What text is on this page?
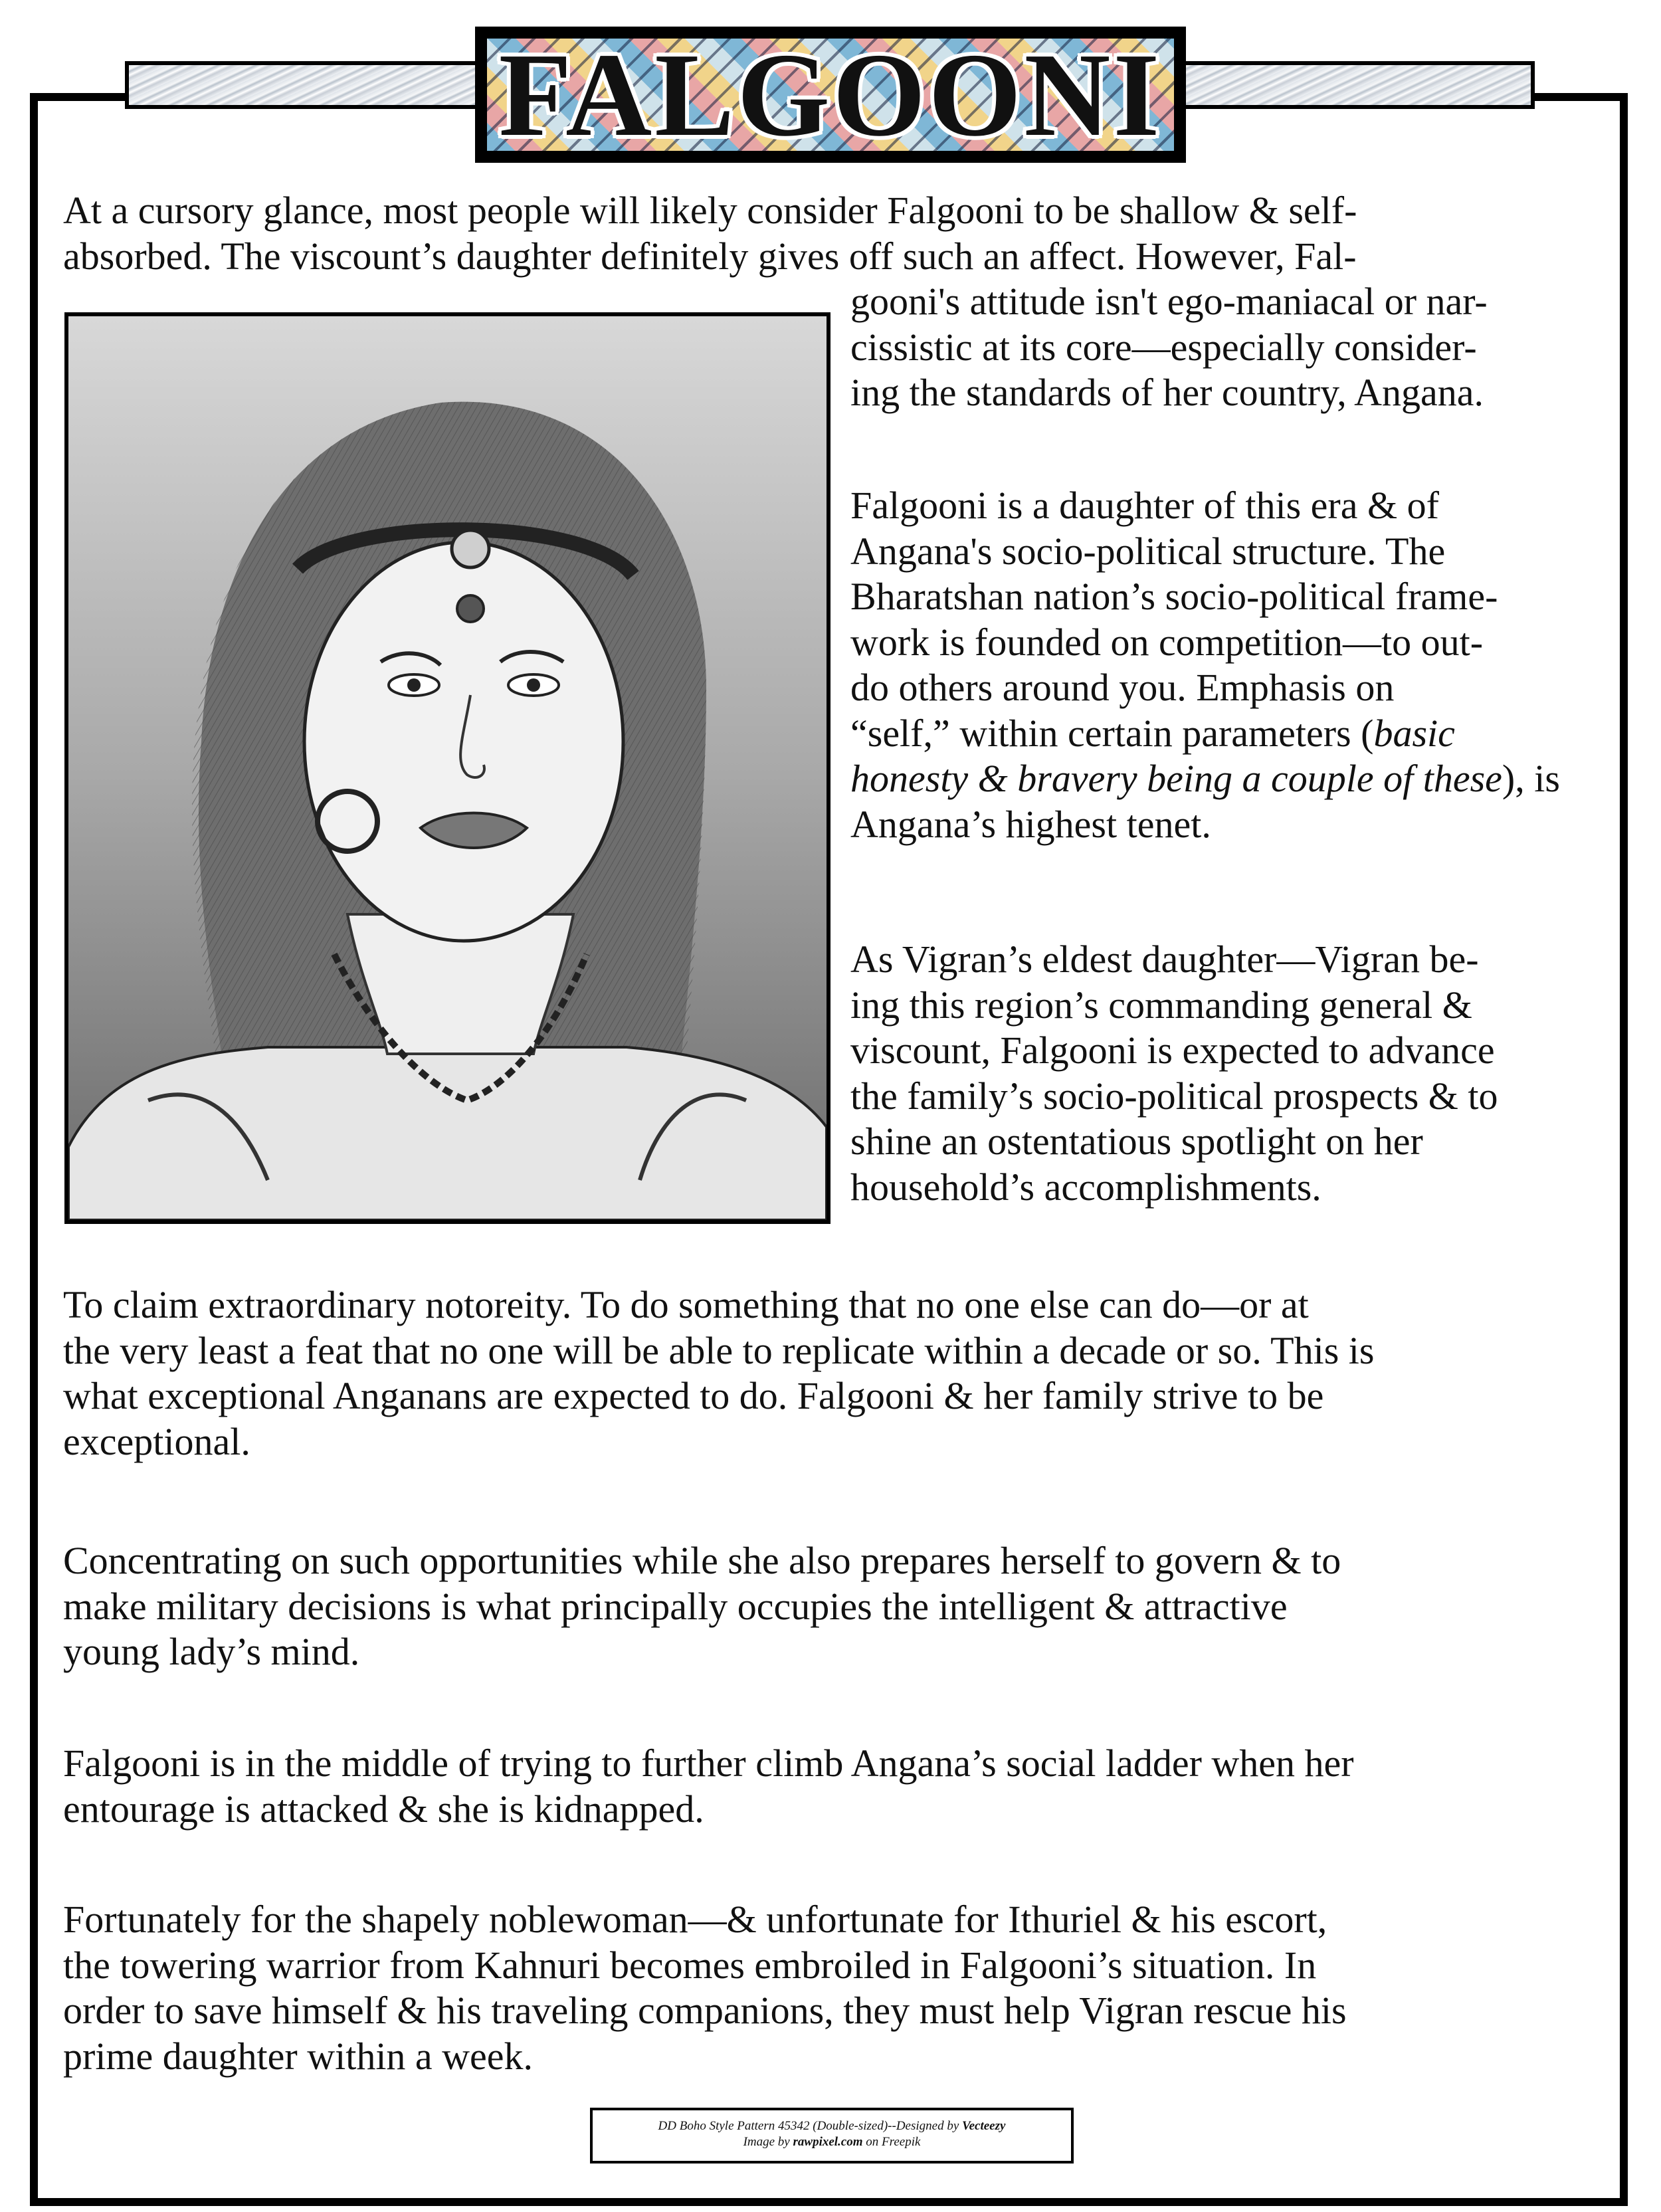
FALGOONI
At a cursory glance, most people will likely consider Falgooni to be shallow & self-
absorbed. The viscount’s daughter definitely gives off such an affect. However, Fal-
gooni's attitude isn't ego-maniacal or nar-
cissistic at its core—especially consider-
ing the standards of her country, Angana.
Falgooni is a daughter of this era & of
Angana's socio-political structure. The
Bharatshan nation’s socio-political frame-
work is founded on competition—to out-
do others around you. Emphasis on
“self,” within certain parameters (basic
honesty & bravery being a couple of these), is
Angana’s highest tenet.
As Vigran’s eldest daughter—Vigran be-
ing this region’s commanding general &
viscount, Falgooni is expected to advance
the family’s socio-political prospects & to
shine an ostentatious spotlight on her
household’s accomplishments.
To claim extraordinary notoreity. To do something that no one else can do—or at
the very least a feat that no one will be able to replicate within a decade or so. This is
what exceptional Anganans are expected to do. Falgooni & her family strive to be
exceptional.
Concentrating on such opportunities while she also prepares herself to govern & to
make military decisions is what principally occupies the intelligent & attractive
young lady’s mind.
Falgooni is in the middle of trying to further climb Angana’s social ladder when her
entourage is attacked & she is kidnapped.
Fortunately for the shapely noblewoman—& unfortunate for Ithuriel & his escort,
the towering warrior from Kahnuri becomes embroiled in Falgooni’s situation. In
order to save himself & his traveling companions, they must help Vigran rescue his
prime daughter within a week.
DD Boho Style Pattern 45342 (Double-sized)--Designed by Vecteezy
Image by rawpixel.com on Freepik
